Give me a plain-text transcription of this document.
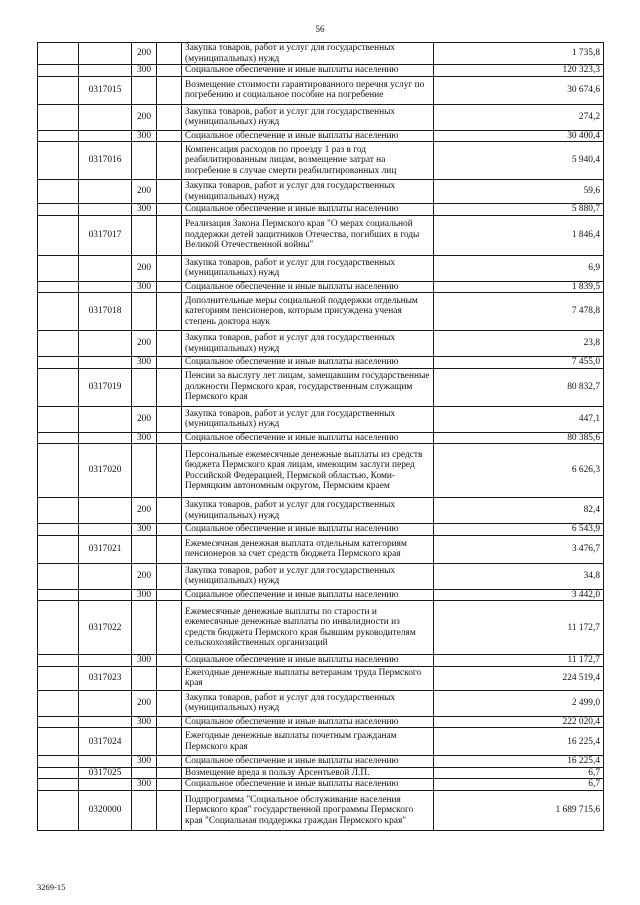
56
		200		Закупка товаров, работ и услуг для государственных (муниципальных) нужд	1 735,8
		300		Социальное обеспечение и иные выплаты населению	120 323,3
	0317015			Возмещение стоимости гарантированного перечня услуг по погребению и социальное пособие на погребение	30 674,6
		200		Закупка товаров, работ и услуг для государственных (муниципальных) нужд	274,2
		300		Социальное обеспечение и иные выплаты населению	30 400,4
	0317016			Компенсация расходов по проезду 1 раз в год реабилитированным лицам, возмещение затрат на погребение в случае смерти реабилитированных лиц	5 940,4
		200		Закупка товаров, работ и услуг для государственных (муниципальных) нужд	59,6
		300		Социальное обеспечение и иные выплаты населению	5 880,7
	0317017			Реализация Закона Пермского края "О мерах социальной поддержки детей защитников Отечества, погибших в годы Великой Отечественной войны"	1 846,4
		200		Закупка товаров, работ и услуг для государственных (муниципальных) нужд	6,9
		300		Социальное обеспечение и иные выплаты населению	1 839,5
	0317018			Дополнительные меры социальной поддержки отдельным категориям пенсионеров, которым присуждена ученая степень доктора наук	7 478,8
		200		Закупка товаров, работ и услуг для государственных (муниципальных) нужд	23,8
		300		Социальное обеспечение и иные выплаты населению	7 455,0
	0317019			Пенсии за выслугу лет лицам, замещавшим государственные должности Пермского края, государственным служащим Пермского края	80 832,7
		200		Закупка товаров, работ и услуг для государственных (муниципальных) нужд	447,1
		300		Социальное обеспечение и иные выплаты населению	80 385,6
	0317020			Персональные ежемесячные денежные выплаты из средств бюджета Пермского края лицам, имеющим заслуги перед Российской Федерацией, Пермской областью, Коми-Пермяцким автономным округом, Пермским краем	6 626,3
		200		Закупка товаров, работ и услуг для государственных (муниципальных) нужд	82,4
		300		Социальное обеспечение и иные выплаты населению	6 543,9
	0317021			Ежемесячная денежная выплата отдельным категориям пенсионеров за счет средств бюджета Пермского края	3 476,7
		200		Закупка товаров, работ и услуг для государственных (муниципальных) нужд	34,8
		300		Социальное обеспечение и иные выплаты населению	3 442,0
	0317022			Ежемесячные денежные выплаты по старости и ежемесячные денежные выплаты по инвалидности из средств бюджета Пермского края бывшим руководителям сельскохозяйственных организаций	11 172,7
		300		Социальное обеспечение и иные выплаты населению	11 172,7
	0317023			Ежегодные денежные выплаты ветеранам труда Пермского края	224 519,4
		200		Закупка товаров, работ и услуг для государственных (муниципальных) нужд	2 499,0
		300		Социальное обеспечение и иные выплаты населению	222 020,4
	0317024			Ежегодные денежные выплаты почетным гражданам Пермского края	16 225,4
		300		Социальное обеспечение и иные выплаты населению	16 225,4
	0317025			Возмещение вреда в пользу Арсентьевой Л.П.	6,7
		300		Социальное обеспечение и иные выплаты населению	6,7
	0320000			Подпрограмма "Социальное обслуживание населения Пермского края" государственной программы Пермского края "Социальная поддержка граждан Пермского края"	1 689 715,6
3269-15
